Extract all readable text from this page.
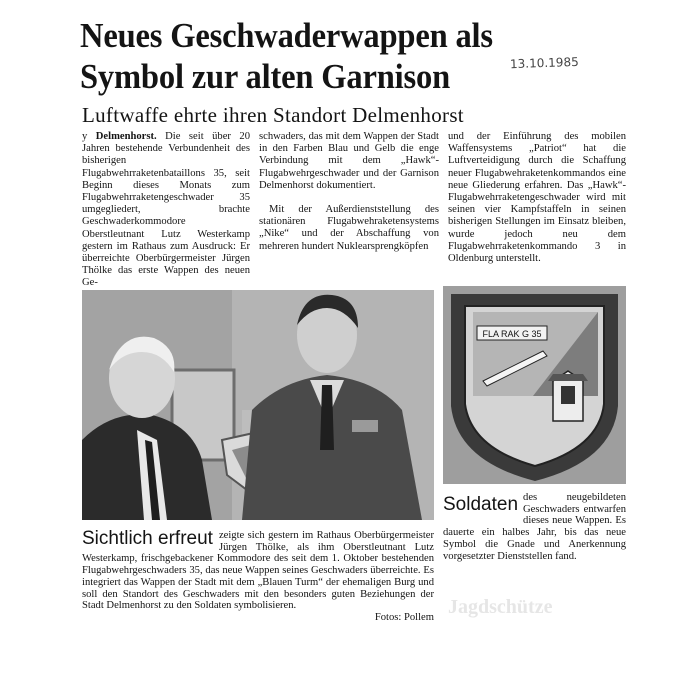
Neues Geschwaderwappen als Symbol zur alten Garnison	13.10.1985
Luftwaffe ehrte ihren Standort Delmenhorst

y Delmenhorst. Die seit über 20 Jahren bestehende Verbundenheit des bisherigen Flugabwehrraketenbataillons 35, seit Beginn dieses Monats zum Flugabwehrraketengeschwader 35 umgegliedert, brachte Geschwaderkommodore Oberstleutnant Lutz Westerkamp gestern im Rathaus zum Ausdruck: Er überreichte Oberbürgermeister Jürgen Thölke das erste Wappen des neuen Ge-

schwaders, das mit dem Wappen der Stadt in den Farben Blau und Gelb die enge Verbindung mit dem „Hawk“-Flugabwehrgeschwader und der Garnison Delmenhorst dokumentiert.

Mit der Außerdienststellung des stationären Flugabwehraketensystems „Nike“ und der Abschaffung von mehreren hundert Nuklearsprengköpfen

und der Einführung des mobilen Waffensystems „Patriot“ hat die Luftverteidigung durch die Schaffung neuer Flugabwehraketenkommandos eine neue Gliederung erfahren. Das „Hawk“-Flugabwehrraketengeschwader wird mit seinen vier Kampfstaffeln in seinen bisherigen Stellungen im Einsatz bleiben, wurde jedoch neu dem Flugabwehrraketenkommando 3 in Oldenburg unterstellt.

FLA RAK G 35
Sichtlich erfreut zeigte sich gestern im Rathaus Oberbürgermeister Jürgen Thölke, als ihm Oberstleutnant Lutz Westerkamp, frischgebackener Kommodore des seit dem 1. Oktober bestehenden Flugabwehrgeschwaders 35, das neue Wappen seines Geschwaders überreichte. Es integriert das Wappen der Stadt mit dem „Blauen Turm“ der ehemaligen Burg und soll den Standort des Geschwaders mit den besonders guten Beziehungen der Stadt Delmenhorst zu den Soldaten symbolisieren.
Fotos: Pollem
Soldaten des neugebildeten Geschwaders entwarfen dieses neue Wappen. Es dauerte ein halbes Jahr, bis das neue Symbol die Gnade und Anerkennung vorgesetzter Dienststellen fand.
Jagdschütze
